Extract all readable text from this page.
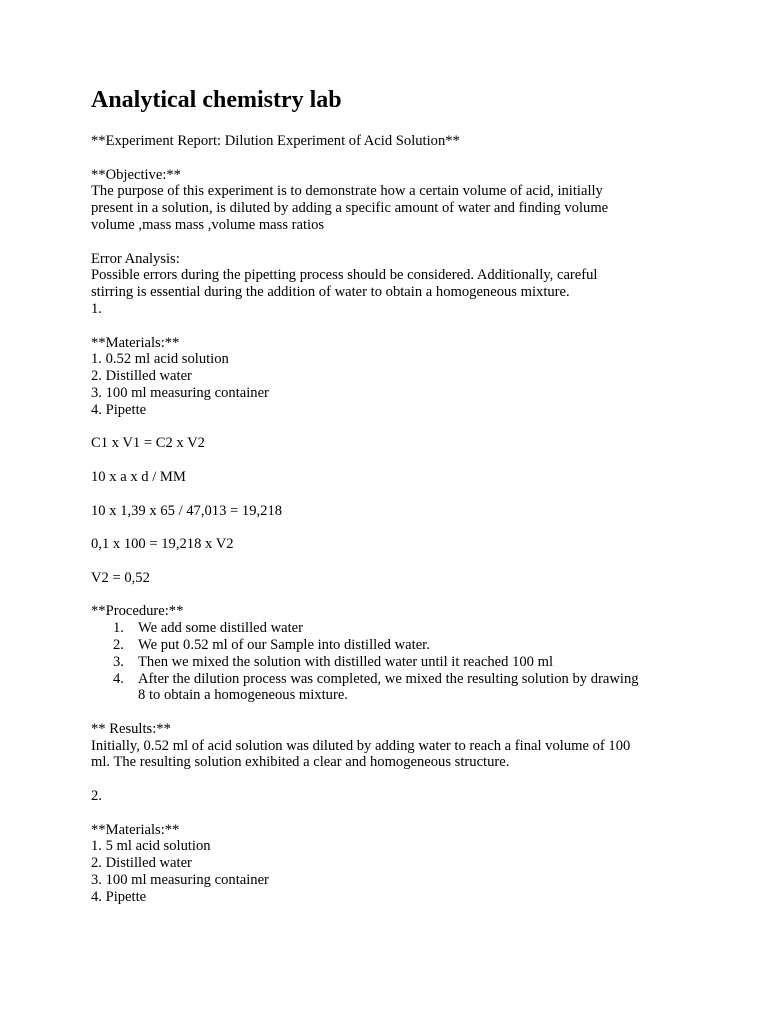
Analytical chemistry lab
**Experiment Report: Dilution Experiment of Acid Solution**
**Objective:**
The purpose of this experiment is to demonstrate how a certain volume of acid, initially
present in a solution, is diluted by adding a specific amount of water and finding volume
volume ,mass mass ,volume mass ratios
Error Analysis:
Possible errors during the pipetting process should be considered. Additionally, careful
stirring is essential during the addition of water to obtain a homogeneous mixture.
1.
**Materials:**
1. 0.52 ml acid solution
2. Distilled water
3. 100 ml measuring container
4. Pipette
C1 x V1 = C2 x V2
10 x a x d / MM
10 x 1,39 x 65 / 47,013 = 19,218
0,1 x 100 = 19,218 x V2
V2 = 0,52
**Procedure:**
1. We add some distilled water
2. We put 0.52 ml of our Sample into distilled water.
3. Then we mixed the solution with distilled water until it reached 100 ml
4. After the dilution process was completed, we mixed the resulting solution by drawing
8 to obtain a homogeneous mixture.
** Results:**
Initially, 0.52 ml of acid solution was diluted by adding water to reach a final volume of 100
ml. The resulting solution exhibited a clear and homogeneous structure.
2.
**Materials:**
1. 5 ml acid solution
2. Distilled water
3. 100 ml measuring container
4. Pipette
